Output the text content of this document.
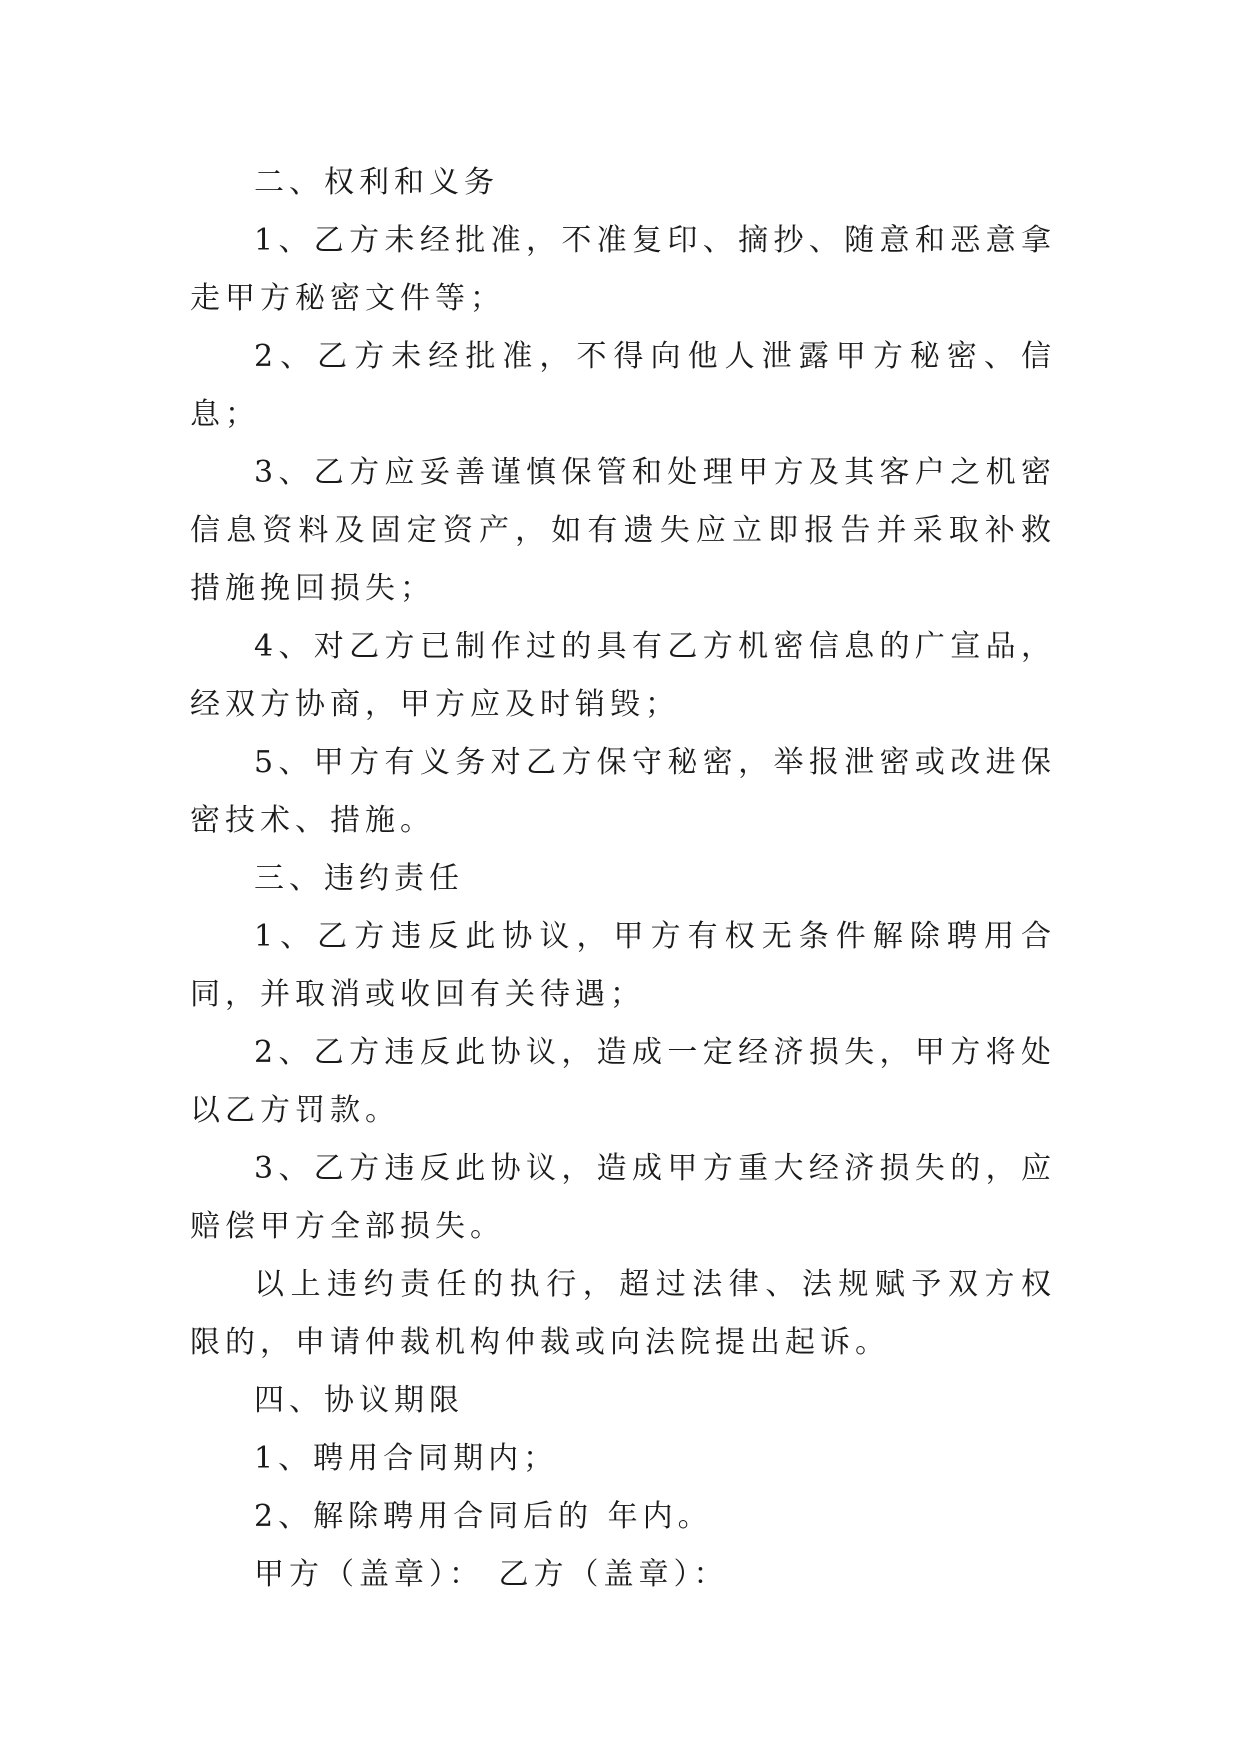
二、权利和义务

1、乙方未经批准，不准复印、摘抄、随意和恶意拿走甲方秘密文件等；

2、乙方未经批准，不得向他人泄露甲方秘密、信息；

3、乙方应妥善谨慎保管和处理甲方及其客户之机密信息资料及固定资产，如有遗失应立即报告并采取补救措施挽回损失；

4、对乙方已制作过的具有乙方机密信息的广宣品，经双方协商，甲方应及时销毁；

5、甲方有义务对乙方保守秘密，举报泄密或改进保密技术、措施。

三、违约责任

1、乙方违反此协议，甲方有权无条件解除聘用合同，并取消或收回有关待遇；

2、乙方违反此协议，造成一定经济损失，甲方将处以乙方罚款。

3、乙方违反此协议，造成甲方重大经济损失的，应赔偿甲方全部损失。

以上违约责任的执行，超过法律、法规赋予双方权限的，申请仲裁机构仲裁或向法院提出起诉。

四、协议期限

1、聘用合同期内；

2、解除聘用合同后的 年内。

甲方（盖章）： 乙方（盖章）：
